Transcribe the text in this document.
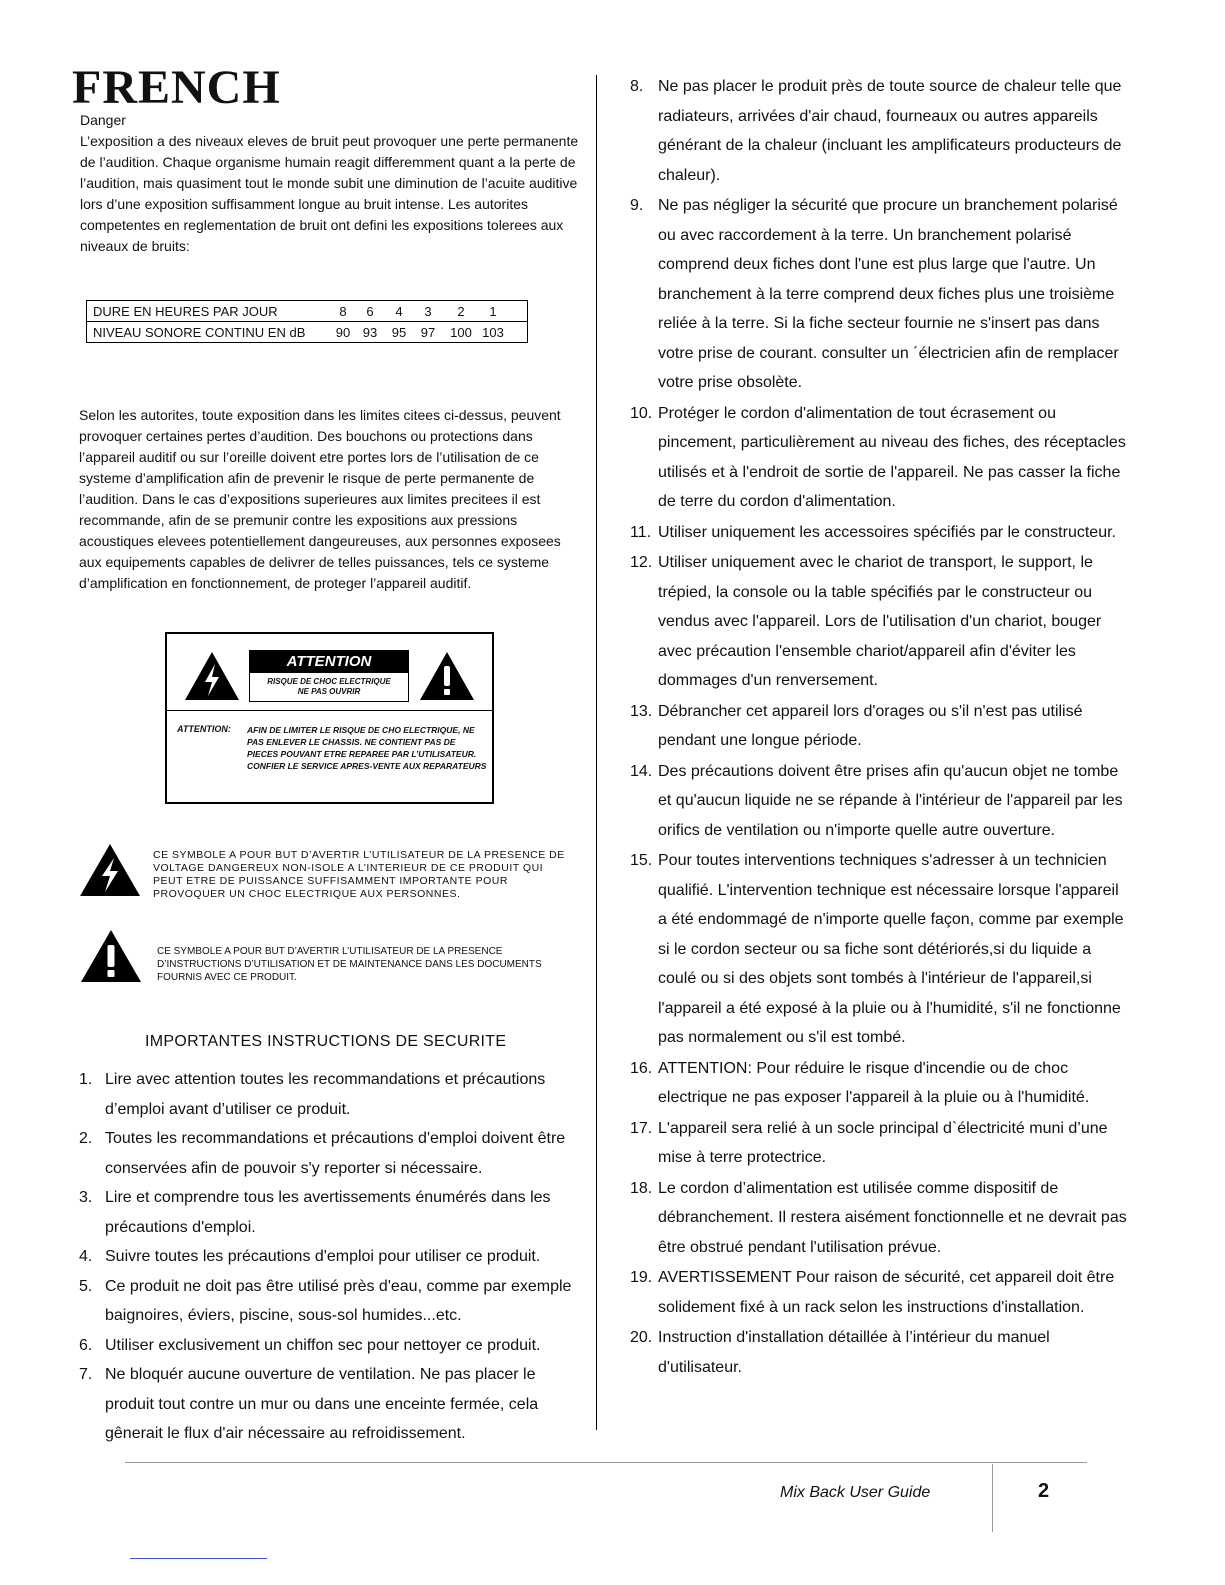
FRENCH
Danger
L’exposition a des niveaux eleves de bruit peut provoquer une perte permanente de l’audition. Chaque organisme humain reagit differemment quant a la perte de l’audition, mais quasiment tout le monde subit une diminution de l’acuite auditive lors d’une exposition suffisamment longue au bruit intense. Les autorites competentes en reglementation de bruit ont defini les expositions tolerees aux niveaux de bruits:
DURE EN HEURES PAR JOUR	8 6 4 3 2 1
NIVEAU SONORE CONTINU EN dB	90 93 95 97 100 103
Selon les autorites, toute exposition dans les limites citees ci-dessus, peuvent provoquer certaines pertes d’audition. Des bouchons ou protections dans l’appareil auditif ou sur l’oreille doivent etre portes lors de l’utilisation de ce systeme d’amplification afin de prevenir le risque de perte permanente de l’audition. Dans le cas d’expositions superieures aux limites precitees il est recommande, afin de se premunir contre les expositions aux pressions acoustiques elevees potentiellement dangeureuses, aux personnes exposees aux equipements capables de delivrer de telles puissances, tels ce systeme d’amplification en fonctionnement, de proteger l’appareil auditif.
ATTENTION
RISQUE DE CHOC ELECTRIQUE
NE PAS OUVRIR
ATTENTION: AFIN DE LIMITER LE RISQUE DE CHO ELECTRIQUE, NE PAS ENLEVER LE CHASSIS. NE CONTIENT PAS DE PIECES POUVANT ETRE REPAREE PAR L’UTILISATEUR. CONFIER LE SERVICE APRES-VENTE AUX REPARATEURS
CE SYMBOLE A POUR BUT D’AVERTIR L’UTILISATEUR DE LA PRESENCE DE VOLTAGE DANGEREUX NON-ISOLE A L’INTERIEUR DE CE PRODUIT QUI PEUT ETRE DE PUISSANCE SUFFISAMMENT IMPORTANTE POUR PROVOQUER UN CHOC ELECTRIQUE AUX PERSONNES.
CE SYMBOLE A POUR BUT D’AVERTIR L’UTILISATEUR DE LA PRESENCE D’INSTRUCTIONS D’UTILISATION ET DE MAINTENANCE DANS LES DOCUMENTS FOURNIS AVEC CE PRODUIT.
IMPORTANTES INSTRUCTIONS DE SECURITE
1. Lire avec attention toutes les recommandations et précautions d’emploi avant d’utiliser ce produit.
2. Toutes les recommandations et précautions d'emploi doivent être conservées afin de pouvoir s'y reporter si nécessaire.
3. Lire et comprendre tous les avertissements énumérés dans les précautions d'emploi.
4. Suivre toutes les précautions d'emploi pour utiliser ce produit.
5. Ce produit ne doit pas être utilisé près d'eau, comme par exemple baignoires, éviers, piscine, sous-sol humides...etc.
6. Utiliser exclusivement un chiffon sec pour nettoyer ce produit.
7. Ne bloquér aucune ouverture de ventilation. Ne pas placer le produit tout contre un mur ou dans une enceinte fermée, cela gênerait le flux d'air nécessaire au refroidissement.
8. Ne pas placer le produit près de toute source de chaleur telle que radiateurs, arrivées d'air chaud, fourneaux ou autres appareils générant de la chaleur (incluant les amplificateurs producteurs de chaleur).
9. Ne pas négliger la sécurité que procure un branchement polarisé ou avec raccordement à la terre. Un branchement polarisé comprend deux fiches dont l'une est plus large que l'autre. Un branchement à la terre comprend deux fiches plus une troisième reliée à la terre. Si la fiche secteur fournie ne s'insert pas dans votre prise de courant. consulter un ´électricien afin de remplacer votre prise obsolète.
10. Protéger le cordon d'alimentation de tout écrasement ou pincement, particulièrement au niveau des fiches, des réceptacles utilisés et à l'endroit de sortie de l'appareil. Ne pas casser la fiche de terre du cordon d'alimentation.
11. Utiliser uniquement les accessoires spécifiés par le constructeur.
12. Utiliser uniquement avec le chariot de transport, le support, le trépied, la console ou la table spécifiés par le constructeur ou vendus avec l'appareil. Lors de l'utilisation d'un chariot, bouger avec précaution l'ensemble chariot/appareil afin d'éviter les dommages d'un renversement.
13. Débrancher cet appareil lors d'orages ou s'il n'est pas utilisé pendant une longue période.
14. Des précautions doivent être prises afin qu'aucun objet ne tombe et qu'aucun liquide ne se répande à l'intérieur de l'appareil par les orifics de ventilation ou n'importe quelle autre ouverture.
15. Pour toutes interventions techniques s'adresser à un technicien qualifié. L'intervention technique est nécessaire lorsque l'appareil a été endommagé de n'importe quelle façon, comme par exemple si le cordon secteur ou sa fiche sont détériorés,si du liquide a coulé ou si des objets sont tombés à l'intérieur de l'appareil,si l'appareil a été exposé à la pluie ou à l'humidité, s'il ne fonctionne pas normalement ou s'il est tombé.
16. ATTENTION: Pour réduire le risque d'incendie ou de choc electrique ne pas exposer l'appareil à la pluie ou à l'humidité.
17. L'appareil sera relié à un socle principal d`électricité muni d’une mise à terre protectrice.
18. Le cordon d’alimentation est utilisée comme dispositif de débranchement. Il restera aisément fonctionnelle et ne devrait pas être obstrué pendant l'utilisation prévue.
19. AVERTISSEMENT Pour raison de sécurité, cet appareil doit être solidement fixé à un rack selon les instructions d'installation.
20. Instruction d'installation détaillée à l’intérieur du manuel d'utilisateur.
Mix Back User Guide	2
